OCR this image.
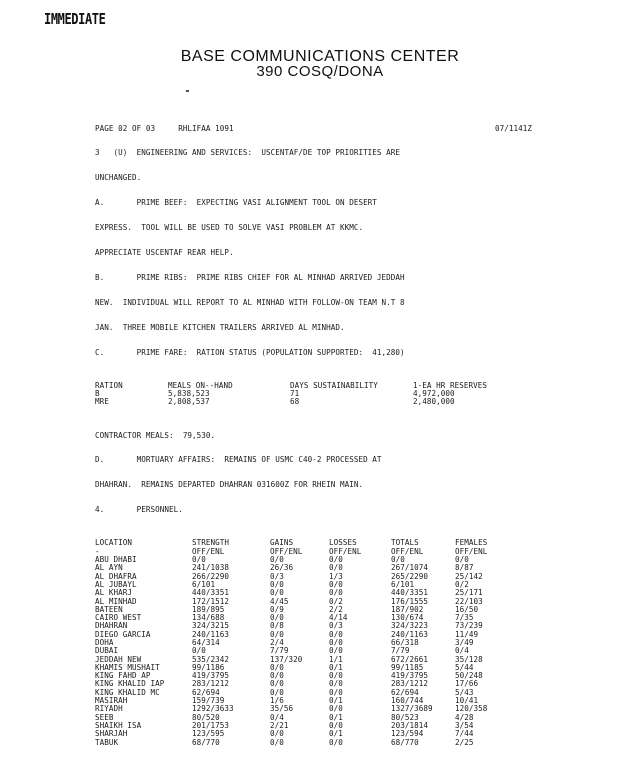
IMMEDIATE
BASE COMMUNICATIONS CENTER
390 COSQ/DONA

PAGE 02 OF 03     RHLIFAA 1091

	07/1141Z

3   (U)  ENGINEERING AND SERVICES:  USCENTAF/DE TOP PRIORITIES ARE

UNCHANGED.

A.       PRIME BEEF:  EXPECTING VASI ALIGNMENT TOOL ON DESERT

EXPRESS.  TOOL WILL BE USED TO SOLVE VASI PROBLEM AT KKMC.

APPRECIATE USCENTAF REAR HELP.

B.       PRIME RIBS:  PRIME RIBS CHIEF FOR AL MINHAD ARRIVED JEDDAH

NEW.  INDIVIDUAL WILL REPORT TO AL MINHAD WITH FOLLOW-ON TEAM N.T 8

JAN.  THREE MOBILE KITCHEN TRAILERS ARRIVED AL MINHAD.

C.       PRIME FARE:  RATION STATUS (POPULATION SUPPORTED:  41,280)

RATION	MEALS ON--HAND	DAYS SUSTAINABILITY	1-EA HR RESERVES
B	5,838,523	71	4,972,000
MRE	2,808,537	68	2,480,000

CONTRACTOR MEALS:  79,530.

D.       MORTUARY AFFAIRS:  REMAINS OF USMC C40-2 PROCESSED AT

DHAHRAN.  REMAINS DEPARTED DHAHRAN 031600Z FOR RHEIN MAIN.

4.       PERSONNEL.

LOCATION	STRENGTH	GAINS	LOSSES	TOTALS	FEMALES
-	OFF/ENL	OFF/ENL	OFF/ENL	OFF/ENL	OFF/ENL
ABU DHABI	0/0	0/0	0/0	0/0	0/0
AL AYN	241/1038	26/36	0/0	267/1074	8/87
AL DHAFRA	266/2290	0/3	1/3	265/2290	25/142
AL JUBAYL	6/101	0/0	0/0	6/101	0/2
AL KHARJ	440/3351	0/0	0/0	440/3351	25/171
AL MINHAD	172/1512	4/45	0/2	176/1555	22/103
BATEEN	189/895	0/9	2/2	187/902	16/50
CAIRO WEST	134/688	0/0	4/14	130/674	7/35
DHAHRAN	324/3215	0/8	0/3	324/3223	73/239
DIEGO GARCIA	240/1163	0/0	0/0	240/1163	11/49
DOHA	64/314	2/4	0/0	66/318	3/49
DUBAI	0/0	7/79	0/0	7/79	0/4
JEDDAH NEW	535/2342	137/320	1/1	672/2661	35/128
KHAMIS MUSHAIT	99/1186	0/0	0/1	99/1185	5/44
KING FAHD AP	419/3795	0/0	0/0	419/3795	50/248
KING KHALID IAP	283/1212	0/0	0/0	283/1212	17/66
KING KHALID MC	62/694	0/0	0/0	62/694	5/43
MASIRAH	159/739	1/6	0/1	160/744	10/41
RIYADH	1292/3633	35/56	0/0	1327/3689	120/358
SEEB	80/520	0/4	0/1	80/523	4/28
SHAIKH ISA	201/1753	2/21	0/0	203/1814	3/54
SHARJAH	123/595	0/0	0/1	123/594	7/44
TABUK	68/770	0/0	0/0	68/770	2/25
